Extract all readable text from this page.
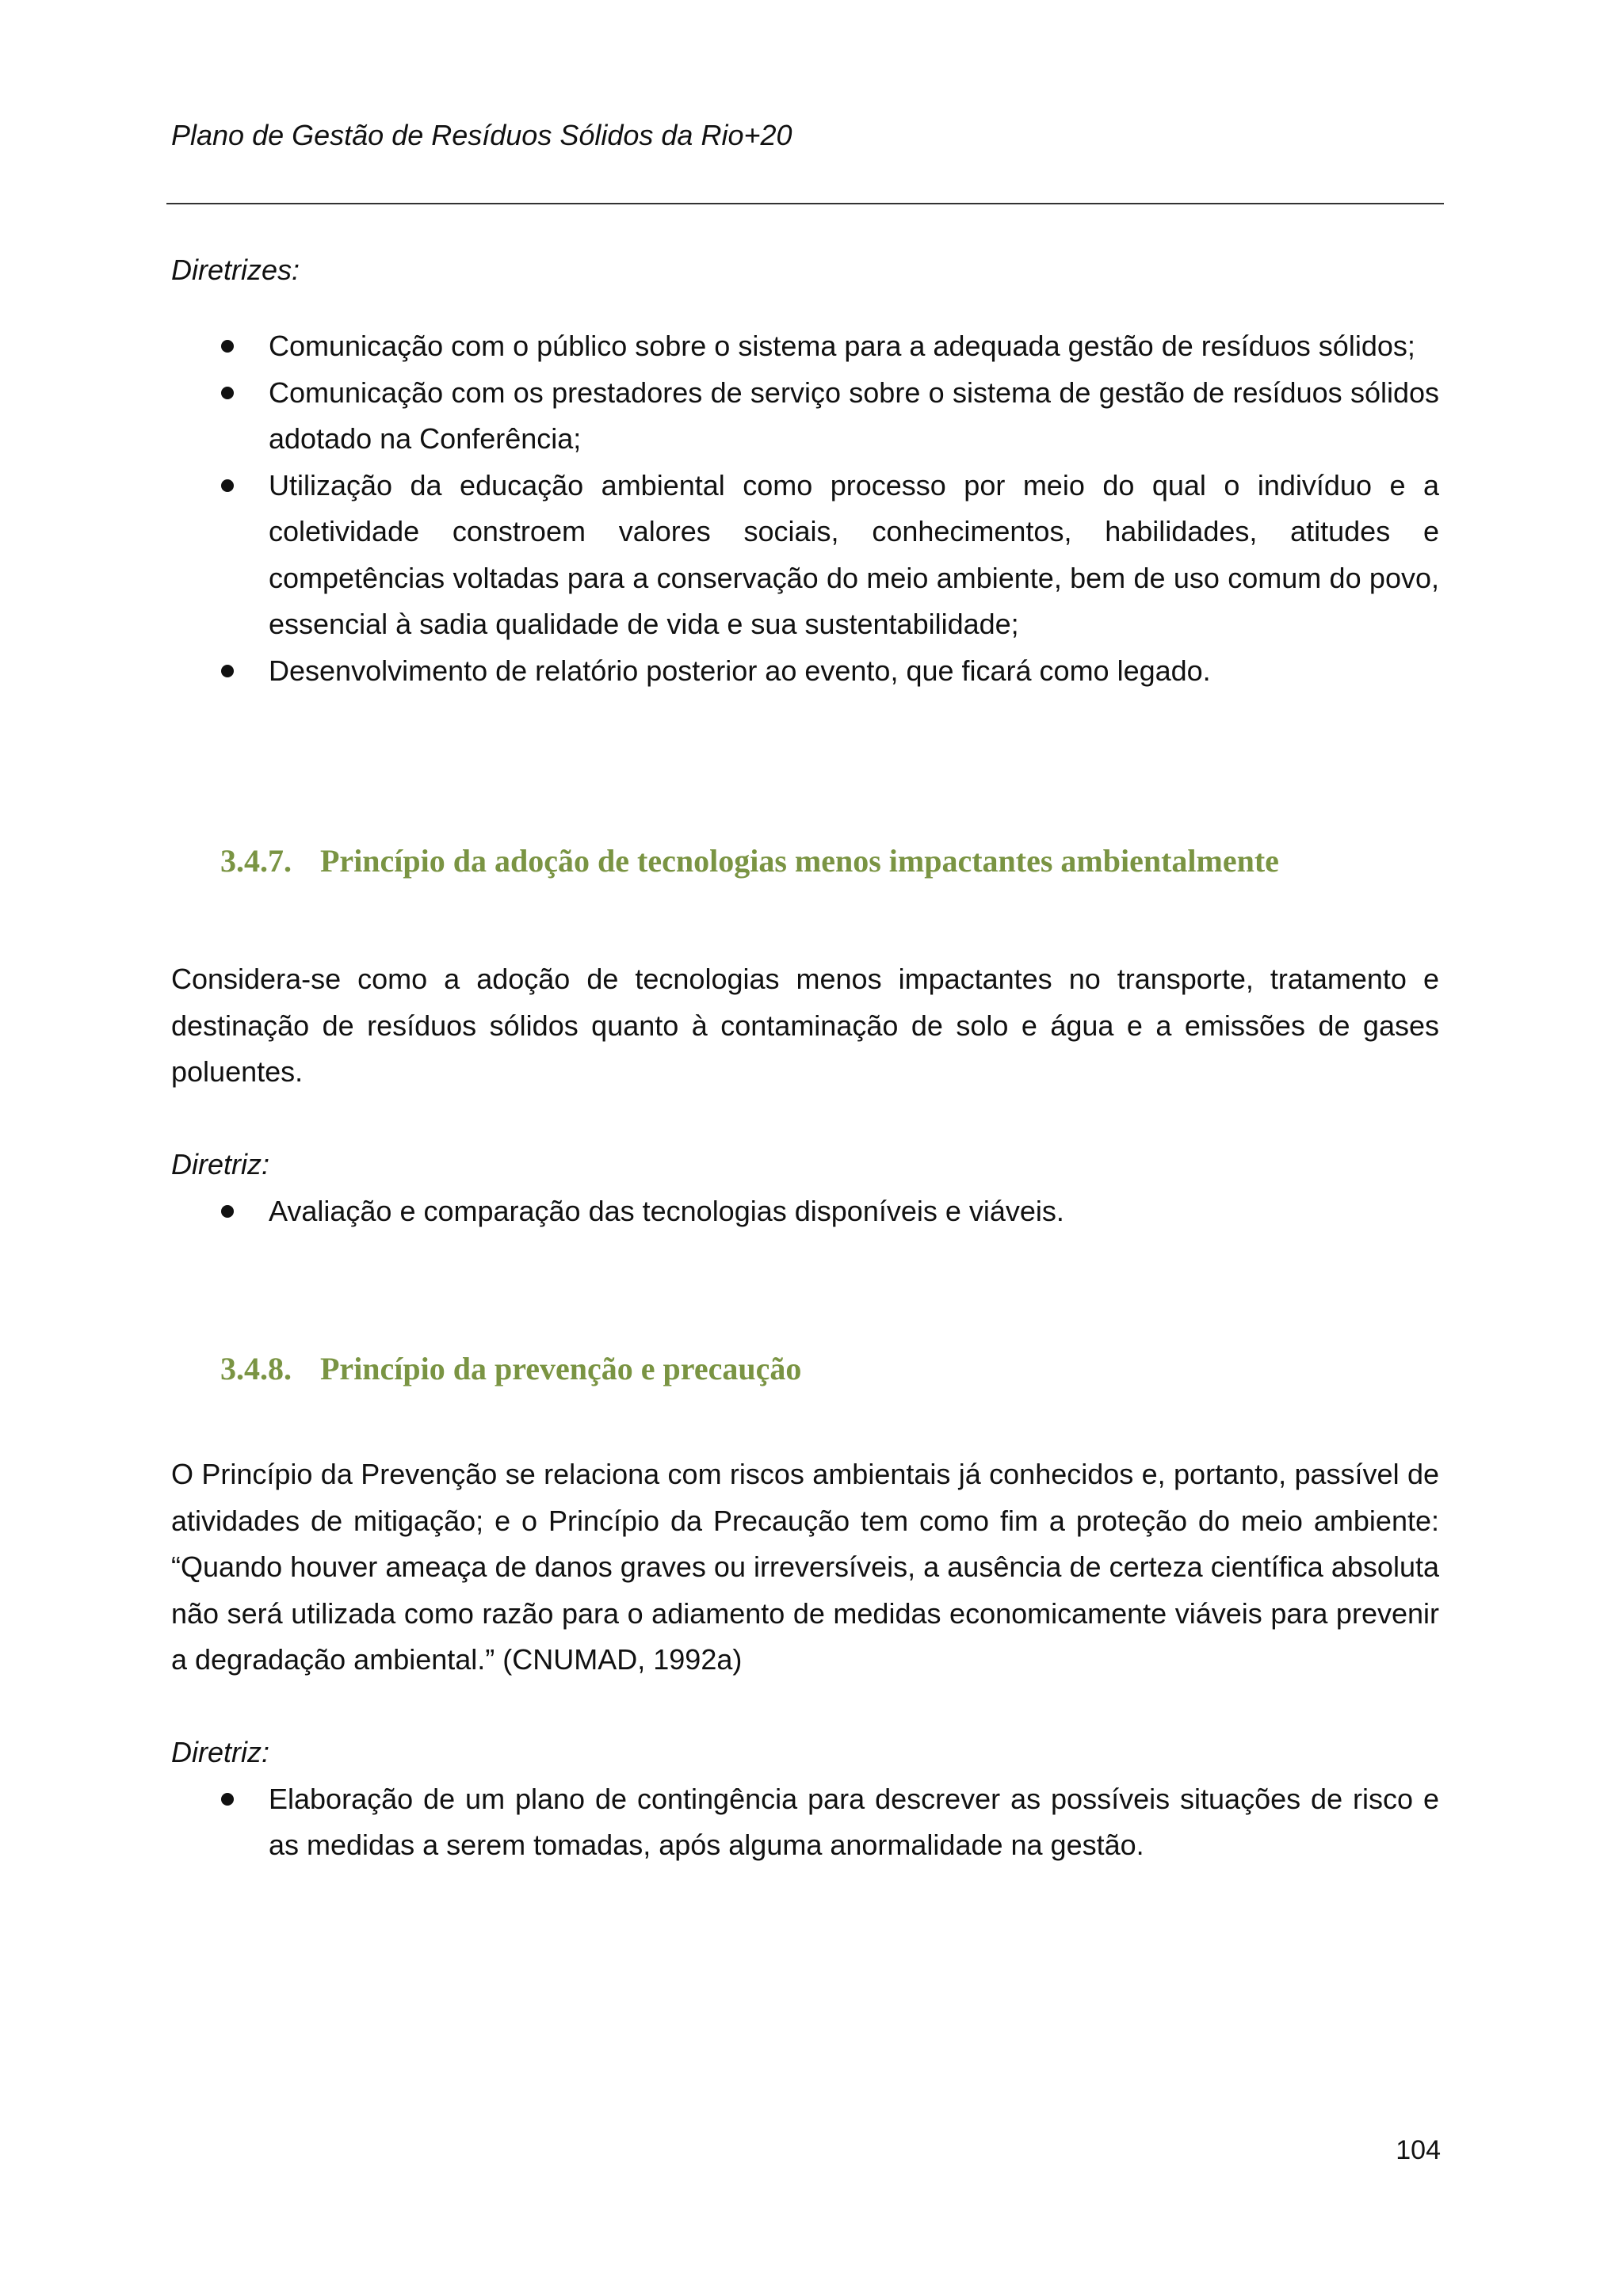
Plano de Gestão de Resíduos Sólidos da Rio+20
Diretrizes:
Comunicação com o público sobre o sistema para a adequada gestão de resíduos sólidos;
Comunicação com os prestadores de serviço sobre o sistema de gestão de resíduos sólidos adotado na Conferência;
Utilização da educação ambiental como processo por meio do qual o indivíduo e a coletividade constroem valores sociais, conhecimentos, habilidades, atitudes e competências voltadas para a conservação do meio ambiente, bem de uso comum do povo, essencial à sadia qualidade de vida e sua sustentabilidade;
Desenvolvimento de relatório posterior ao evento, que ficará como legado.
3.4.7. Princípio da adoção de tecnologias menos impactantes ambientalmente
Considera-se como a adoção de tecnologias menos impactantes no transporte, tratamento e destinação de resíduos sólidos quanto à contaminação de solo e água e a emissões de gases poluentes.
Diretriz:
Avaliação e comparação das tecnologias disponíveis e viáveis.
3.4.8. Princípio da prevenção e precaução
O Princípio da Prevenção se relaciona com riscos ambientais já conhecidos e, portanto, passível de atividades de mitigação; e o Princípio da Precaução tem como fim a proteção do meio ambiente: “Quando houver ameaça de danos graves ou irreversíveis, a ausência de certeza científica absoluta não será utilizada como razão para o adiamento de medidas economicamente viáveis para prevenir a degradação ambiental.” (CNUMAD, 1992a)
Diretriz:
Elaboração de um plano de contingência para descrever as possíveis situações de risco e as medidas a serem tomadas, após alguma anormalidade na gestão.
104
